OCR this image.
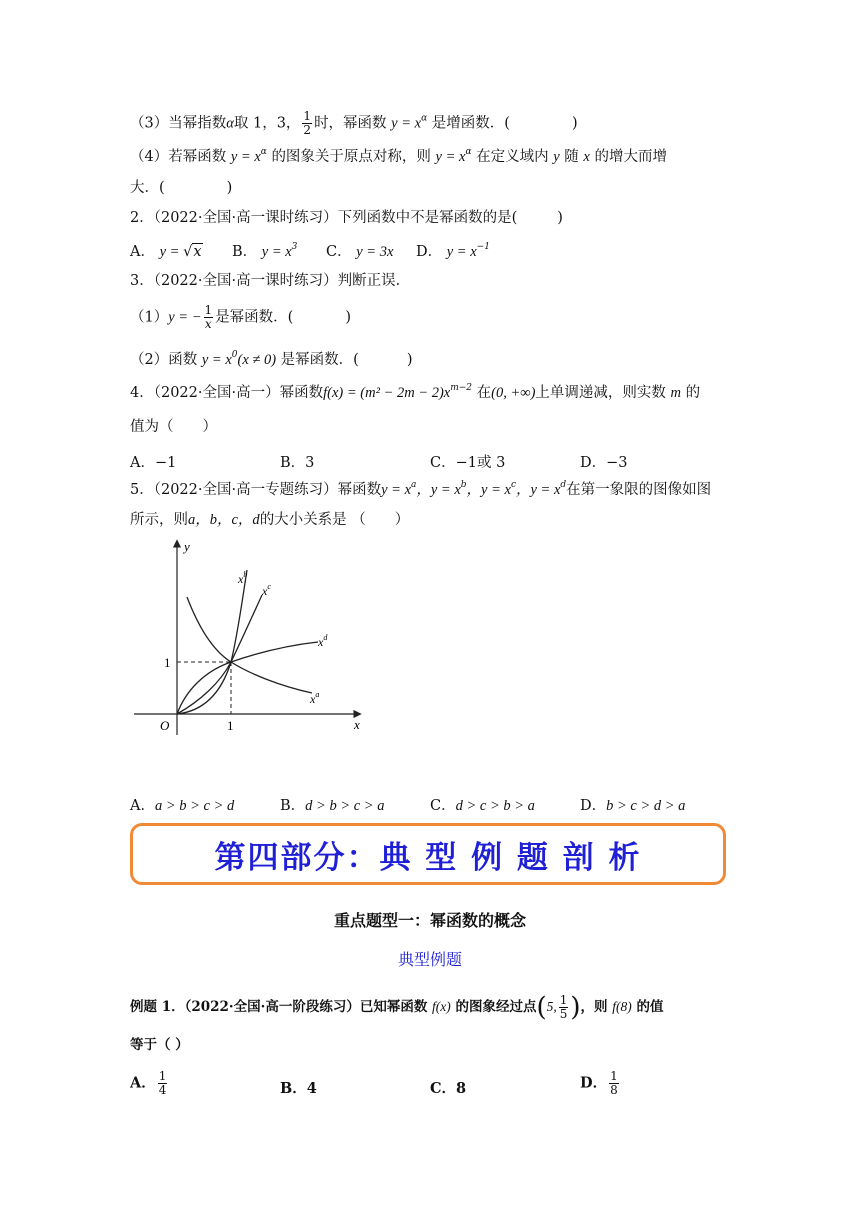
（3）当幂指数α取 1，3， $\frac{1}{2}$ 时，幂函数 $y = x^\alpha$ 是增函数．(	)
（4）若幂函数 $y = x^\alpha$ 的图象关于原点对称，则 $y = x^\alpha$ 在定义域内 y 随 x 的增大而增
大．(	)
2．（2022·全国·高一课时练习）下列函数中不是幂函数的是(	)
A． y = √x B． $y = x^3$ C． y = 3x D． $y = x^{-1}$
3．（2022·全国·高一课时练习）判断正误．
（1）y = − $\frac{1}{x}$ 是幂函数．(	)
（2）函数 $y = x^0(x \ne 0)$ 是幂函数．(	)
4．（2022·全国·高一）幂函数$f(x) = (m^2 - 2m - 2)x^{m-2}$ 在(0, +∞)上单调递减，则实数 m 的
值为（　　）
A．−1	B．3	C．−1或 3	D．−3
5．（2022·全国·高一专题练习）幂函数$y = x^a$，$y = x^b$，$y = x^c$，$y = x^d$在第一象限的图像如图
所示，则a，b，c，d的大小关系是 （　　）
y
x
O	1
1
$x^b$
$x^c$
$x^d$
$x^a$
A．a > b > c > d	B．d > b > c > a	C．d > c > b > a	D．b > c > d > a
第四部分：典 型 例 题 剖 析
重点题型一：幂函数的概念
典型例题
例题 1．（2022·全国·高一阶段练习）已知幂函数 f(x) 的图象经过点(5, $\frac{1}{5}$ )，则 f(8) 的值
等于（ ）
A． $\frac{1}{4}$	B．4	C．8	D． $\frac{1}{8}$
